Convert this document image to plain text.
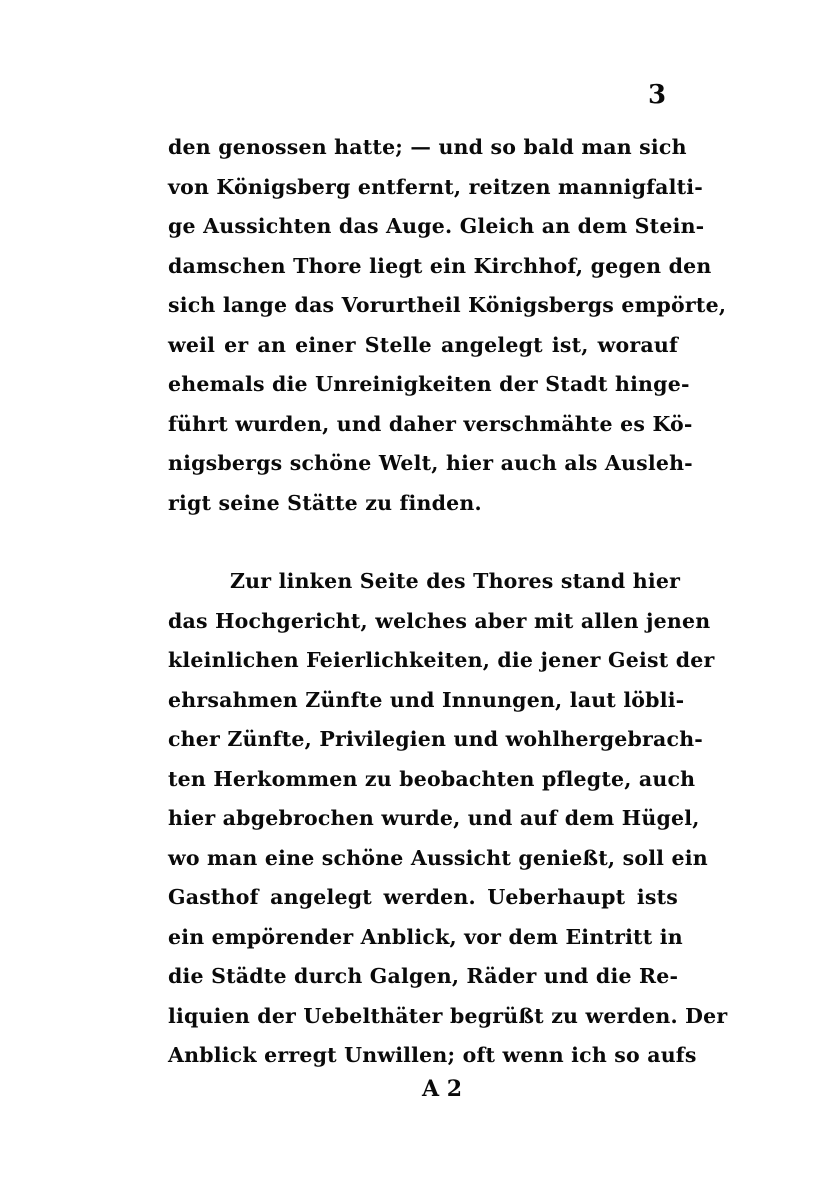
3
den genossen hatte; — und so bald man sich
von Königsberg entfernt, reitzen mannigfalti-
ge Aussichten das Auge. Gleich an dem Stein-
damschen Thore liegt ein Kirchhof, gegen den
sich lange das Vorurtheil Königsbergs empörte,
weil er an einer Stelle angelegt ist, worauf
ehemals die Unreinigkeiten der Stadt hinge-
führt wurden, und daher verschmähte es Kö-
nigsbergs schöne Welt, hier auch als Ausleh-
rigt seine Stätte zu finden.
Zur linken Seite des Thores stand hier
das Hochgericht, welches aber mit allen jenen
kleinlichen Feierlichkeiten, die jener Geist der
ehrsahmen Zünfte und Innungen, laut löbli-
cher Zünfte, Privilegien und wohlhergebrach-
ten Herkommen zu beobachten pflegte, auch
hier abgebrochen wurde, und auf dem Hügel,
wo man eine schöne Aussicht genießt, soll ein
Gasthof angelegt werden. Ueberhaupt ists
ein empörender Anblick, vor dem Eintritt in
die Städte durch Galgen, Räder und die Re-
liquien der Uebelthäter begrüßt zu werden. Der
Anblick erregt Unwillen; oft wenn ich so aufs
A 2
